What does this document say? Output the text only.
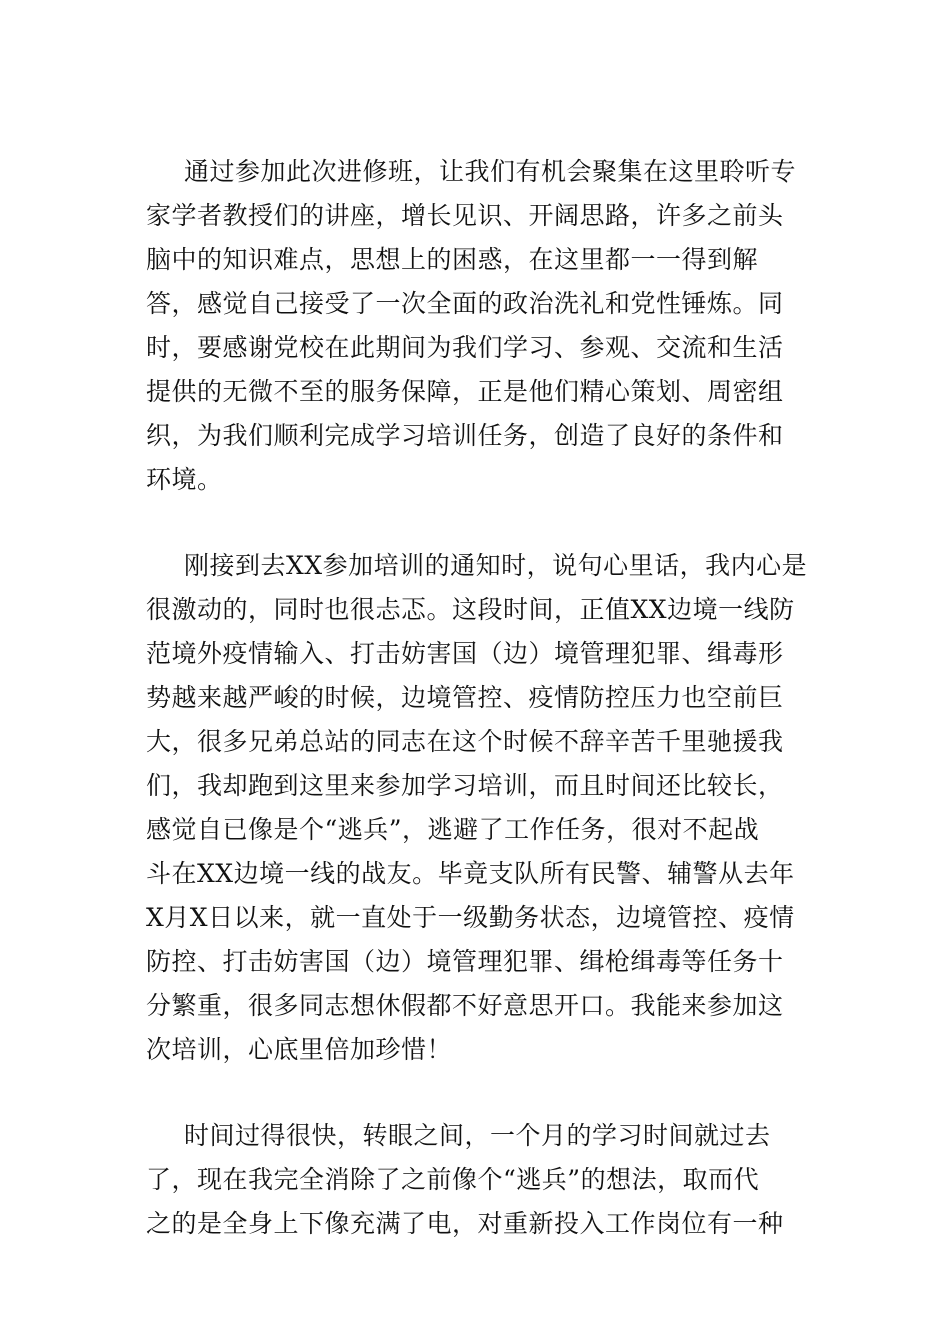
通过参加此次进修班，让我们有机会聚集在这里聆听专
家学者教授们的讲座，增长见识、开阔思路，许多之前头
脑中的知识难点，思想上的困惑，在这里都一一得到解
答，感觉自己接受了一次全面的政治洗礼和党性锤炼。同
时，要感谢党校在此期间为我们学习、参观、交流和生活
提供的无微不至的服务保障，正是他们精心策划、周密组
织，为我们顺利完成学习培训任务，创造了良好的条件和
环境。
刚接到去XX参加培训的通知时，说句心里话，我内心是
很激动的，同时也很忐忑。这段时间，正值XX边境一线防
范境外疫情输入、打击妨害国（边）境管理犯罪、缉毒形
势越来越严峻的时候，边境管控、疫情防控压力也空前巨
大，很多兄弟总站的同志在这个时候不辞辛苦千里驰援我
们，我却跑到这里来参加学习培训，而且时间还比较长，
感觉自已像是个“逃兵”，逃避了工作任务，很对不起战
斗在XX边境一线的战友。毕竟支队所有民警、辅警从去年
X月X日以来，就一直处于一级勤务状态，边境管控、疫情
防控、打击妨害国（边）境管理犯罪、缉枪缉毒等任务十
分繁重，很多同志想休假都不好意思开口。我能来参加这
次培训，心底里倍加珍惜！
时间过得很快，转眼之间，一个月的学习时间就过去
了，现在我完全消除了之前像个“逃兵”的想法，取而代
之的是全身上下像充满了电，对重新投入工作岗位有一种
